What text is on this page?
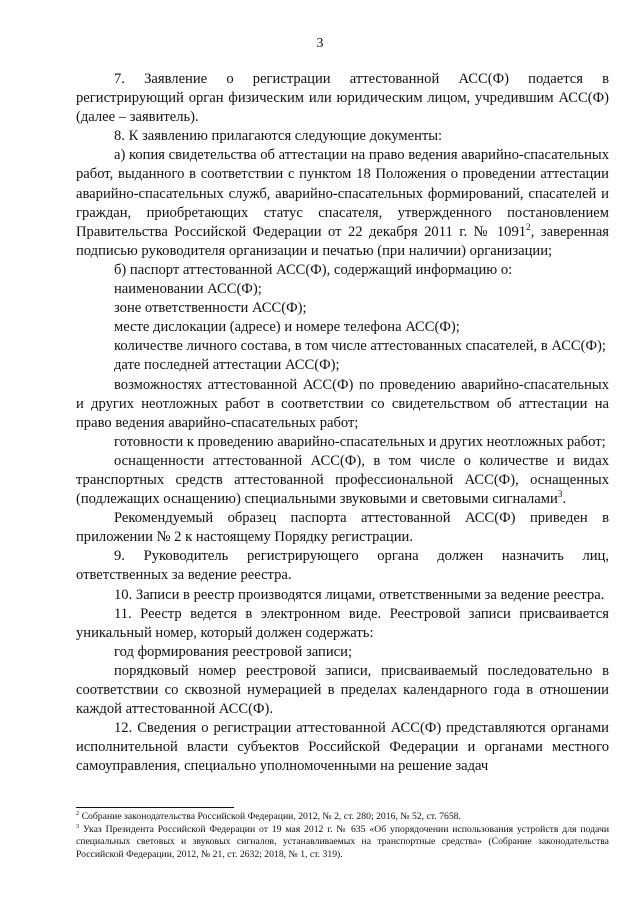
3

7. Заявление о регистрации аттестованной АСС(Ф) подается в регистрирующий орган физическим или юридическим лицом, учредившим АСС(Ф) (далее – заявитель).

8. К заявлению прилагаются следующие документы:

а) копия свидетельства об аттестации на право ведения аварийно-спасательных работ, выданного в соответствии с пунктом 18 Положения о проведении аттестации аварийно-спасательных служб, аварийно-спасательных формирований, спасателей и граждан, приобретающих статус спасателя, утвержденного постановлением Правительства Российской Федерации от 22 декабря 2011 г. № 1091$^2$, заверенная подписью руководителя организации и печатью (при наличии) организации;

б) паспорт аттестованной АСС(Ф), содержащий информацию о:

наименовании АСС(Ф);

зоне ответственности АСС(Ф);

месте дислокации (адресе) и номере телефона АСС(Ф);

количестве личного состава, в том числе аттестованных спасателей, в АСС(Ф);

дате последней аттестации АСС(Ф);

возможностях аттестованной АСС(Ф) по проведению аварийно-спасательных и других неотложных работ в соответствии со свидетельством об аттестации на право ведения аварийно-спасательных работ;

готовности к проведению аварийно-спасательных и других неотложных работ;

оснащенности аттестованной АСС(Ф), в том числе о количестве и видах транспортных средств аттестованной профессиональной АСС(Ф), оснащенных (подлежащих оснащению) специальными звуковыми и световыми сигналами$^3$.

Рекомендуемый образец паспорта аттестованной АСС(Ф) приведен в приложении № 2 к настоящему Порядку регистрации.

9. Руководитель регистрирующего органа должен назначить лиц, ответственных за ведение реестра.

10. Записи в реестр производятся лицами, ответственными за ведение реестра.

11. Реестр ведется в электронном виде. Реестровой записи присваивается уникальный номер, который должен содержать:

год формирования реестровой записи;

порядковый номер реестровой записи, присваиваемый последовательно в соответствии со сквозной нумерацией в пределах календарного года в отношении каждой аттестованной АСС(Ф).

12. Сведения о регистрации аттестованной АСС(Ф) представляются органами исполнительной власти субъектов Российской Федерации и органами местного самоуправления, специально уполномоченными на решение задач

$^2$ Собрание законодательства Российской Федерации, 2012, № 2, ст. 280; 2016, № 52, ст. 7658.

$^3$ Указ Президента Российской Федерации от 19 мая 2012 г. № 635 «Об упорядочении использования устройств для подачи специальных световых и звуковых сигналов, устанавливаемых на транспортные средства» (Собрание законодательства Российской Федерации, 2012, № 21, ст. 2632; 2018, № 1, ст. 319).
